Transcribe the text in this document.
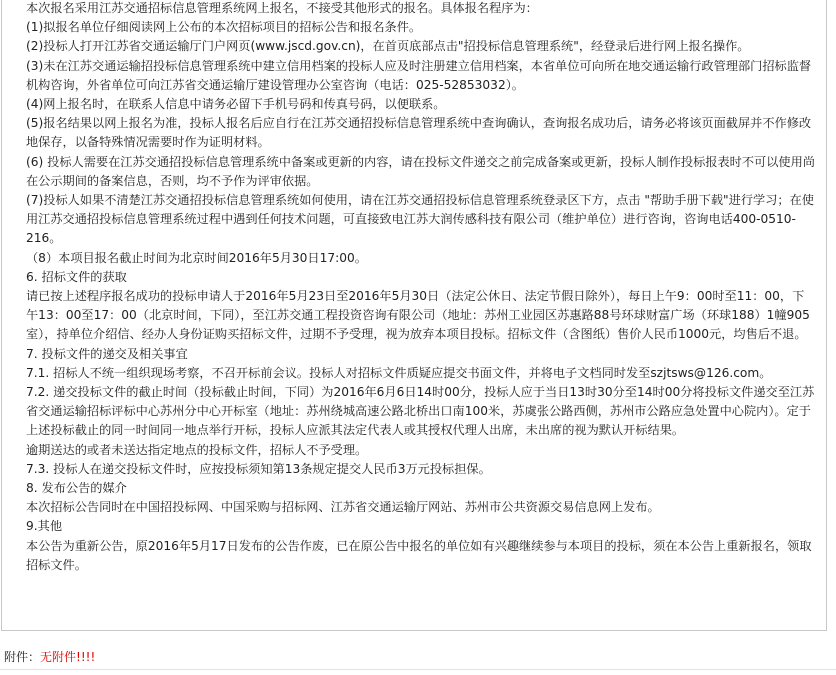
本次报名采用江苏交通招标信息管理系统网上报名，不接受其他形式的报名。具体报名程序为：

(1)拟报名单位仔细阅读网上公布的本次招标项目的招标公告和报名条件。

(2)投标人打开江苏省交通运输厅门户网页(www.jscd.gov.cn)，在首页底部点击"招投标信息管理系统"，经登录后进行网上报名操作。

(3)未在江苏交通运输招投标信息管理系统中建立信用档案的投标人应及时注册建立信用档案，本省单位可向所在地交通运输行政管理部门招标监督机构咨询，外省单位可向江苏省交通运输厅建设管理办公室咨询（电话：025-52853032）。

(4)网上报名时，在联系人信息中请务必留下手机号码和传真号码，以便联系。

(5)报名结果以网上报名为准，投标人报名后应自行在江苏交通招投标信息管理系统中查询确认，查询报名成功后，请务必将该页面截屏并不作修改地保存，以备特殊情况需要时作为证明材料。

(6) 投标人需要在江苏交通招投标信息管理系统中备案或更新的内容，请在投标文件递交之前完成备案或更新，投标人制作投标报表时不可以使用尚在公示期间的备案信息，否则，均不予作为评审依据。

(7)投标人如果不清楚江苏交通招投标信息管理系统如何使用，请在江苏交通招投标信息管理系统登录区下方，点击 "帮助手册下载"进行学习；在使用江苏交通招投标信息管理系统过程中遇到任何技术问题，可直接致电江苏大润传感科技有限公司（维护单位）进行咨询，咨询电话400-0510-216。

（8）本项目报名截止时间为北京时间2016年5月30日17:00。

6. 招标文件的获取

请已按上述程序报名成功的投标申请人于2016年5月23日至2016年5月30日（法定公休日、法定节假日除外），每日上午9：00时至11：00，下午13：00至17：00（北京时间，下同），至江苏交通工程投资咨询有限公司（地址：苏州工业园区苏惠路88号环球财富广场（环球188）1幢905室），持单位介绍信、经办人身份证购买招标文件，过期不予受理，视为放弃本项目投标。招标文件（含图纸）售价人民币1000元，均售后不退。

7. 投标文件的递交及相关事宜

7.1. 招标人不统一组织现场考察，不召开标前会议。投标人对招标文件质疑应提交书面文件，并将电子文档同时发至szjtsws@126.com。

7.2. 递交投标文件的截止时间（投标截止时间，下同）为2016年6月6日14时00分，投标人应于当日13时30分至14时00分将投标文件递交至江苏省交通运输招标评标中心苏州分中心开标室（地址：苏州绕城高速公路北桥出口南100米，苏虞张公路西侧，苏州市公路应急处置中心院内）。定于上述投标截止的同一时间同一地点举行开标，投标人应派其法定代表人或其授权代理人出席，未出席的视为默认开标结果。

逾期送达的或者未送达指定地点的投标文件，招标人不予受理。

7.3. 投标人在递交投标文件时，应按投标须知第13条规定提交人民币3万元投标担保。

8. 发布公告的媒介

本次招标公告同时在中国招投标网、中国采购与招标网、江苏省交通运输厅网站、苏州市公共资源交易信息网上发布。

9.其他

本公告为重新公告，原2016年5月17日发布的公告作废，已在原公告中报名的单位如有兴趣继续参与本项目的投标，须在本公告上重新报名，领取招标文件。

附件：无附件!!!!
